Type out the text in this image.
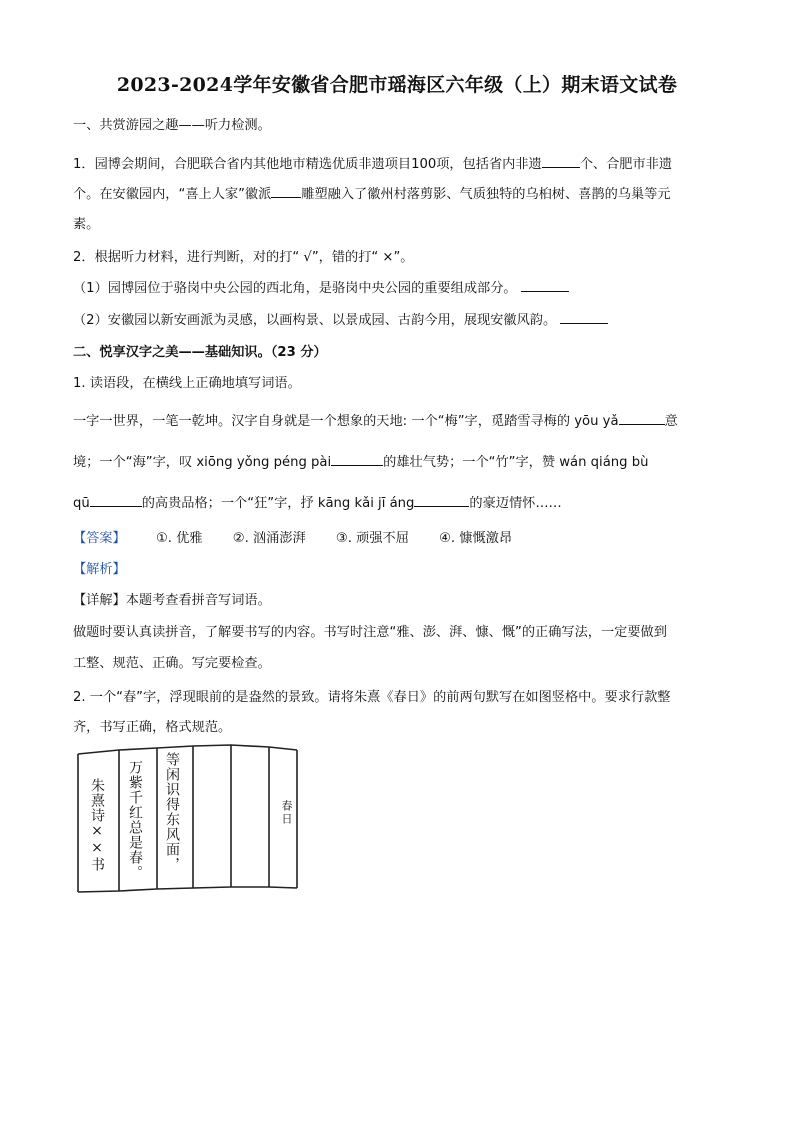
2023-2024学年安徽省合肥市瑶海区六年级（上）期末语文试卷
一、共赏游园之趣——听力检测。
1．园博会期间，合肥联合省内其他地市精选优质非遗项目100项，包括省内非遗	个、合肥市非遗
个。在安徽园内，“喜上人家”徽派 雕塑融入了徽州村落剪影、气质独特的乌桕树、喜鹊的乌巢等元
素。
2．根据听力材料，进行判断，对的打“ √”，错的打“ ×”。
（1）园博园位于骆岗中央公园的西北角，是骆岗中央公园的重要组成部分。
（2）安徽园以新安画派为灵感，以画构景、以景成园、古韵今用，展现安徽风韵。
二、悦享汉字之美——基础知识。（23 分）
1. 读语段，在横线上正确地填写词语。
一字一世界，一笔一乾坤。汉字自身就是一个想象的天地: 一个“梅”字，觅踏雪寻梅的 yōu yǎ	意
境；一个“海”字，叹 xiōng yǒng péng pài	的雄壮气势；一个“竹”字，赞 wán qiáng bù
qū	的高贵品格；一个“狂”字，抒 kāng kǎi jī áng	的豪迈情怀……
【答案】 ①. 优雅 ②. 汹涌澎湃 ③. 顽强不屈 ④. 慷慨激昂
【解析】
【详解】本题考查看拼音写词语。
做题时要认真读拼音，了解要书写的内容。书写时注意“雅、澎、湃、慷、慨”的正确写法，一定要做到
工整、规范、正确。写完要检查。
2. 一个“春”字，浮现眼前的是盎然的景致。请将朱熹《春日》的前两句默写在如图竖格中。要求行款整
齐，书写正确，格式规范。
朱熹诗××书 万紫千红总是春。 等闲识得东风面，	春日
